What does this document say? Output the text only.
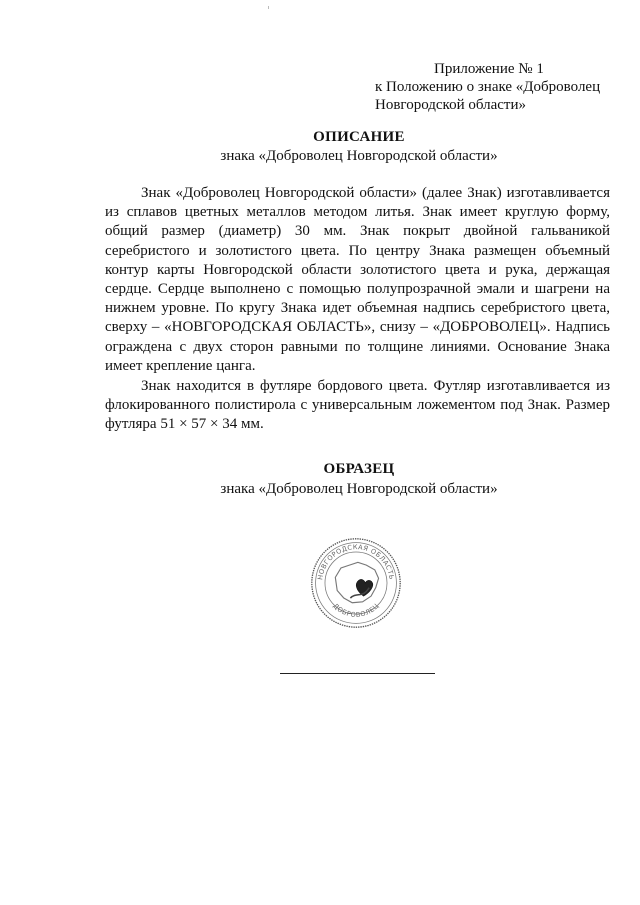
Приложение № 1
к Положению о знаке «Доброволец
Новгородской области»
ОПИСАНИЕ
знака «Доброволец Новгородской области»

Знак «Доброволец Новгородской области» (далее Знак) изготавливается из сплавов цветных металлов методом литья. Знак имеет круглую форму, общий размер (диаметр) 30 мм. Знак покрыт двойной гальваникой серебристого и золотистого цвета. По центру Знака размещен объемный контур карты Новгородской области золотистого цвета и рука, держащая сердце. Сердце выполнено с помощью полупрозрачной эмали и шагрени на нижнем уровне. По кругу Знака идет объемная надпись серебристого цвета, сверху – «НОВГОРОДСКАЯ ОБЛАСТЬ», снизу – «ДОБРОВОЛЕЦ». Надпись ограждена с двух сторон равными по толщине линиями. Основание Знака имеет крепление цанга.

Знак находится в футляре бордового цвета. Футляр изготавливается из флокированного полистирола с универсальным ложементом под Знак. Размер футляра 51 × 57 × 34 мм.

ОБРАЗЕЦ
знака «Доброволец Новгородской области»
НОВГОРОДСКАЯ ОБЛАСТЬ
ДОБРОВОЛЕЦ
